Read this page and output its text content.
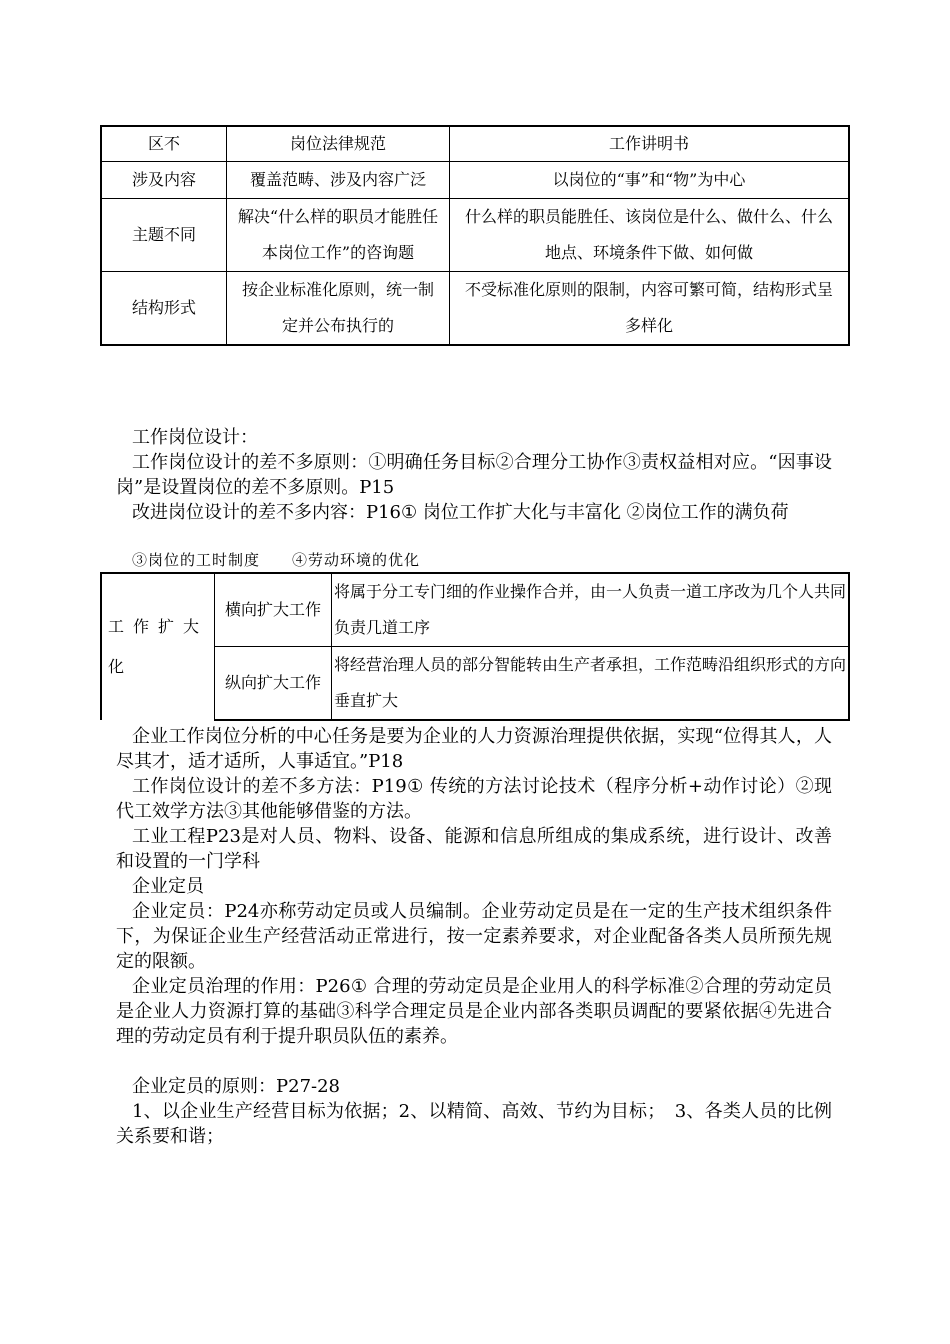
区不	岗位法律规范	工作讲明书
涉及内容	覆盖范畴、涉及内容广泛	以岗位的“事”和“物”为中心
主题不同	解决“什么样的职员才能胜任本岗位工作”的咨询题	什么样的职员能胜任、该岗位是什么、做什么、什么地点、环境条件下做、如何做
结构形式	按企业标准化原则，统一制定并公布执行的	不受标准化原则的限制，内容可繁可简，结构形式呈多样化
工作岗位设计：
工作岗位设计的差不多原则：①明确任务目标②合理分工协作③责权益相对应。“因事设岗”是设置岗位的差不多原则。P15
改进岗位设计的差不多内容：P16① 岗位工作扩大化与丰富化 ②岗位工作的满负荷
③岗位的工时制度　　④劳动环境的优化
工作扩大化	横向扩大工作	将属于分工专门细的作业操作合并，由一人负责一道工序改为几个人共同负责几道工序
	纵向扩大工作	将经营治理人员的部分智能转由生产者承担，工作范畴沿组织形式的方向垂直扩大
企业工作岗位分析的中心任务是要为企业的人力资源治理提供依据，实现“位得其人，人尽其才，适才适所，人事适宜。”P18
工作岗位设计的差不多方法：P19① 传统的方法讨论技术（程序分析+动作讨论）②现代工效学方法③其他能够借鉴的方法。
工业工程P23是对人员、物料、设备、能源和信息所组成的集成系统，进行设计、改善和设置的一门学科
企业定员
企业定员：P24亦称劳动定员或人员编制。企业劳动定员是在一定的生产技术组织条件下，为保证企业生产经营活动正常进行，按一定素养要求，对企业配备各类人员所预先规定的限额。
企业定员治理的作用：P26① 合理的劳动定员是企业用人的科学标准②合理的劳动定员是企业人力资源打算的基础③科学合理定员是企业内部各类职员调配的要紧依据④先进合理的劳动定员有利于提升职员队伍的素养。
企业定员的原则：P27-28
1、以企业生产经营目标为依据；2、以精简、高效、节约为目标；　3、各类人员的比例关系要和谐；
